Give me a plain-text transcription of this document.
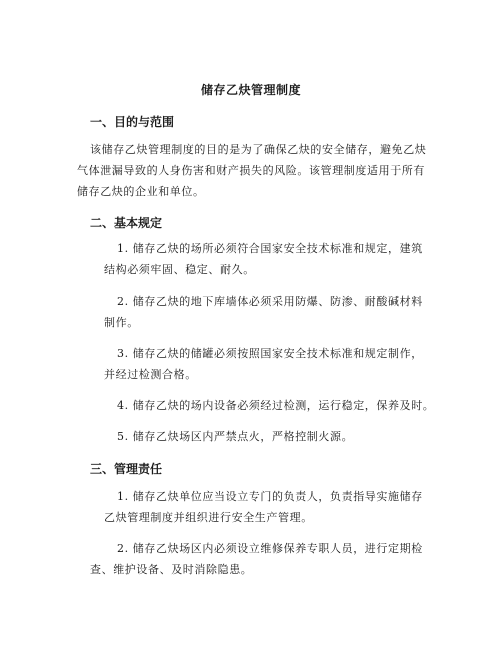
储存乙炔管理制度
一、目的与范围
该储存乙炔管理制度的目的是为了确保乙炔的安全储存，避免乙炔
气体泄漏导致的人身伤害和财产损失的风险。该管理制度适用于所有
储存乙炔的企业和单位。
二、基本规定
1. 储存乙炔的场所必须符合国家安全技术标准和规定，建筑
结构必须牢固、稳定、耐久。
2. 储存乙炔的地下库墙体必须采用防爆、防渗、耐酸碱材料
制作。
3. 储存乙炔的储罐必须按照国家安全技术标准和规定制作，
并经过检测合格。
4. 储存乙炔的场内设备必须经过检测，运行稳定，保养及时。
5. 储存乙炔场区内严禁点火，严格控制火源。
三、管理责任
1. 储存乙炔单位应当设立专门的负责人，负责指导实施储存
乙炔管理制度并组织进行安全生产管理。
2. 储存乙炔场区内必须设立维修保养专职人员，进行定期检
查、维护设备、及时消除隐患。
